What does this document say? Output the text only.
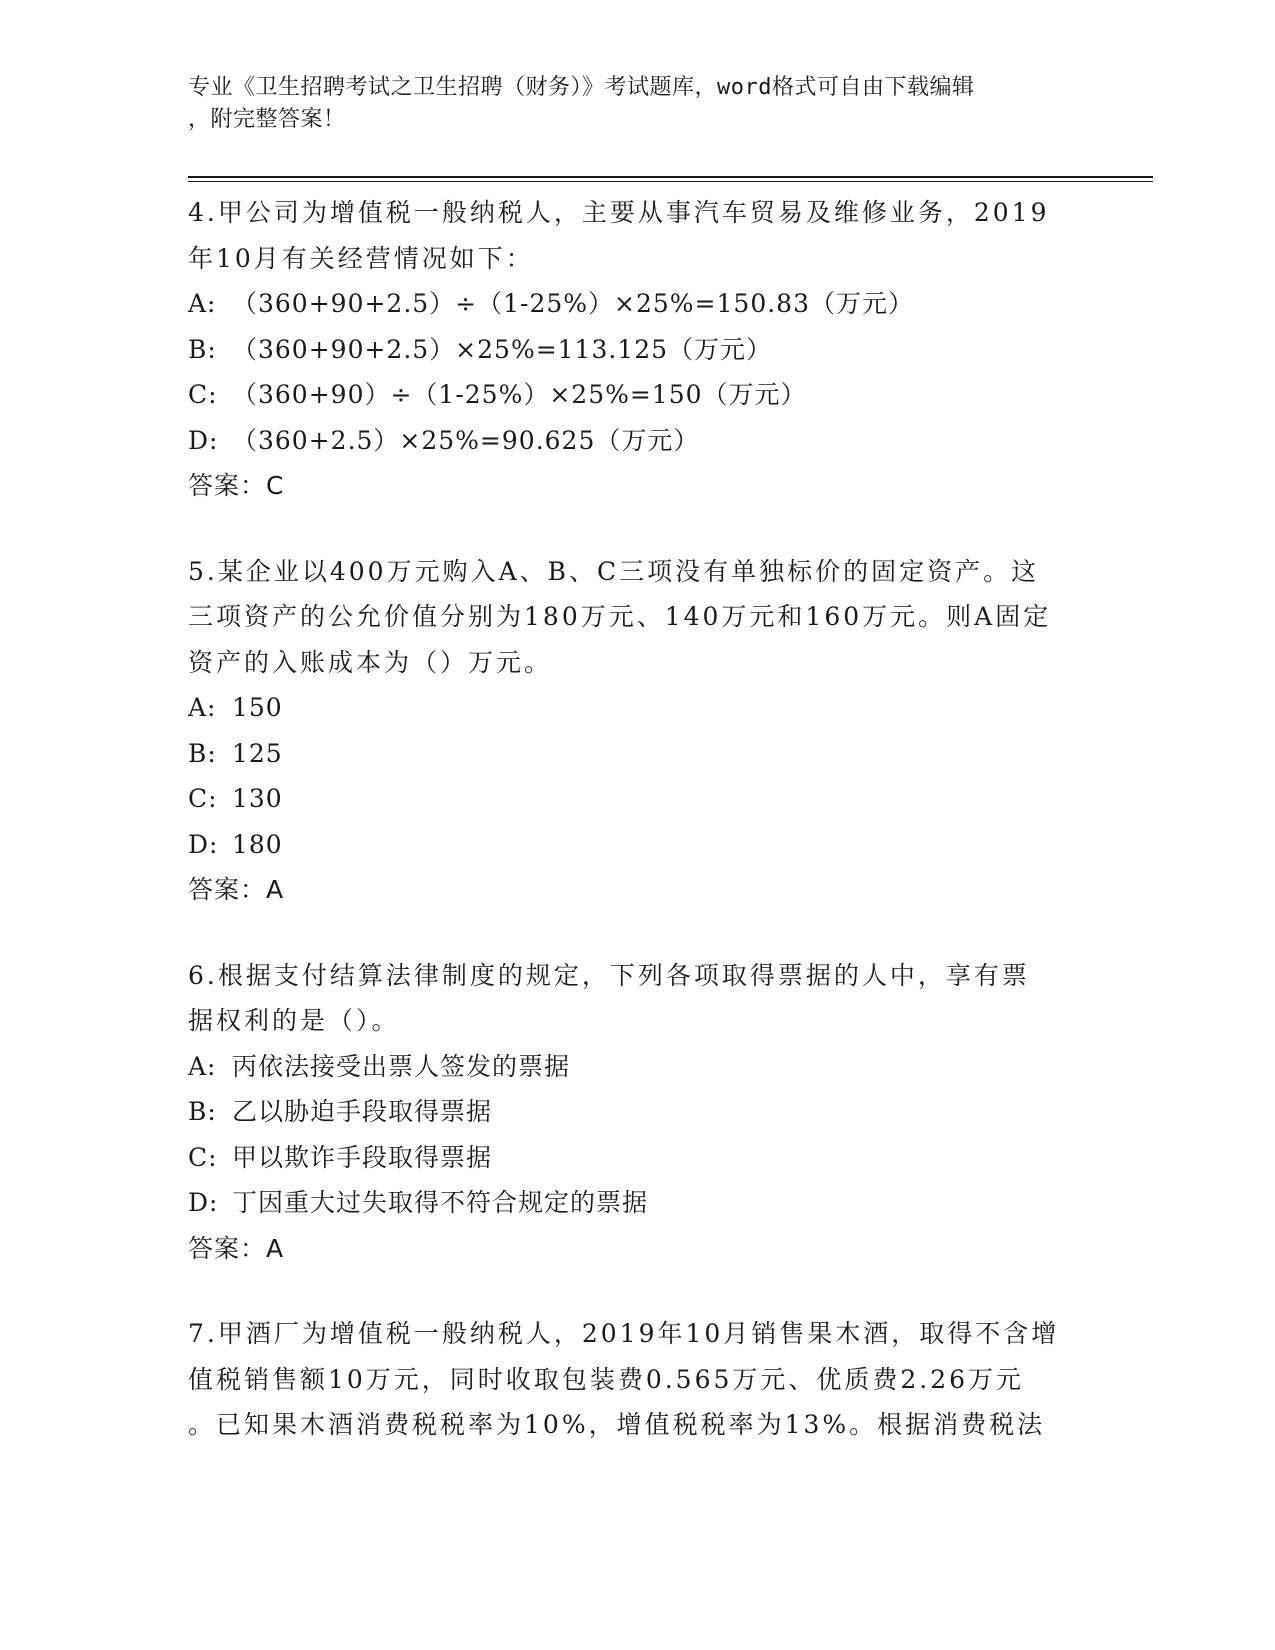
专业《卫生招聘考试之卫生招聘（财务）》考试题库，word格式可自由下载编辑
，附完整答案！
4.甲公司为增值税一般纳税人，主要从事汽车贸易及维修业务，2019
年10月有关经营情况如下：
A: （360+90+2.5）÷（1-25%）×25%=150.83（万元）
B: （360+90+2.5）×25%=113.125（万元）
C: （360+90）÷（1-25%）×25%=150（万元）
D: （360+2.5）×25%=90.625（万元）
答案：C
5.某企业以400万元购入A、B、C三项没有单独标价的固定资产。这
三项资产的公允价值分别为180万元、140万元和160万元。则A固定
资产的入账成本为（）万元。
A: 150
B: 125
C: 130
D: 180
答案：A
6.根据支付结算法律制度的规定，下列各项取得票据的人中，享有票
据权利的是（）。
A: 丙依法接受出票人签发的票据
B: 乙以胁迫手段取得票据
C: 甲以欺诈手段取得票据
D: 丁因重大过失取得不符合规定的票据
答案：A
7.甲酒厂为增值税一般纳税人，2019年10月销售果木酒，取得不含增
值税销售额10万元，同时收取包装费0.565万元、优质费2.26万元
。已知果木酒消费税税率为10%，增值税税率为13%。根据消费税法
